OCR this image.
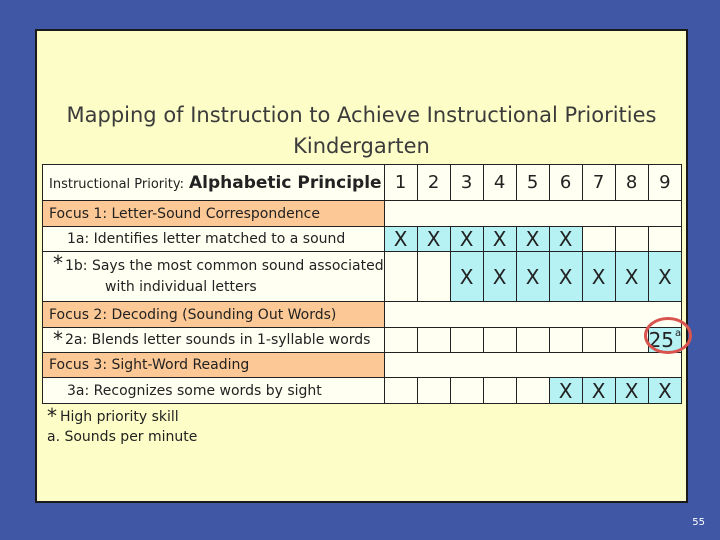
Mapping of Instruction to Achieve Instructional Priorities
Kindergarten
Instructional Priority: Alphabetic Principle	1	2	3	4	5	6	7	8	9
Focus 1: Letter-Sound Correspondence									
1a: Identifies letter matched to a sound	X	X	X	X	X	X			
* 1b: Says the most common sound associated
with individual letters			X	X	X	X	X	X	X
Focus 2: Decoding (Sounding Out Words)									
* 2a: Blends letter sounds in 1-syllable words									25$^a$
Focus 3: Sight-Word Reading									
3a: Recognizes some words by sight						X	X	X	X
* High priority skill
a. Sounds per minute
55
